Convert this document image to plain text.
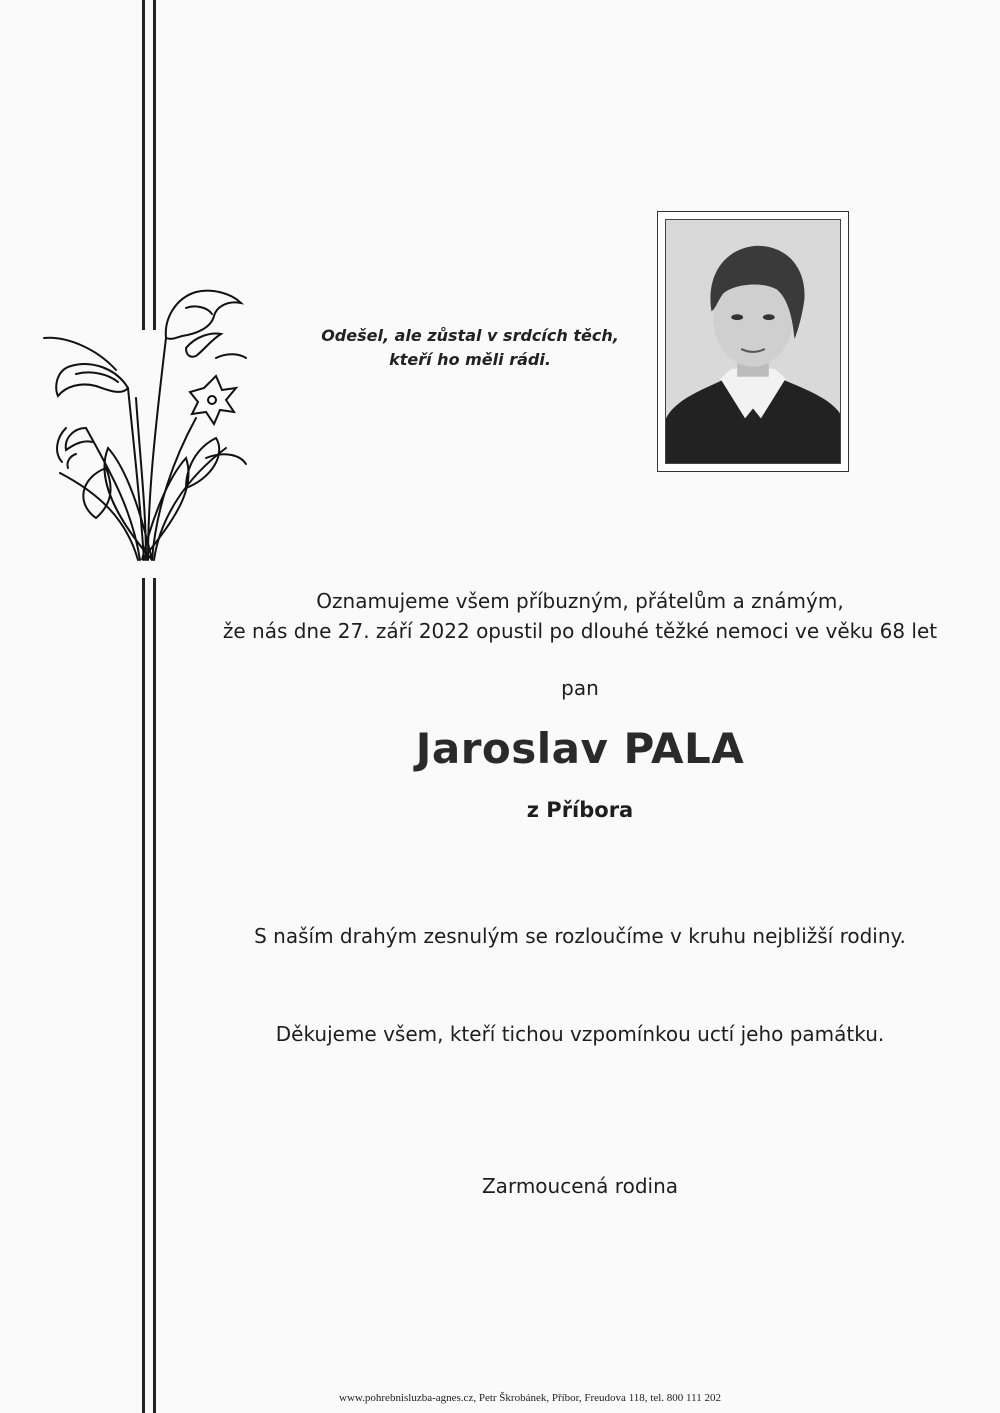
Odešel, ale zůstal v srdcích těch,
kteří ho měli rádi.
Oznamujeme všem příbuzným, přátelům a známým,
že nás dne 27. září 2022 opustil po dlouhé těžké nemoci ve věku 68 let
pan
Jaroslav PALA
z Příbora
S naším drahým zesnulým se rozloučíme v kruhu nejbližší rodiny.
Děkujeme všem, kteří tichou vzpomínkou uctí jeho památku.
Zarmoucená rodina
www.pohrebnisluzba-agnes.cz, Petr Škrobánek, Příbor, Freudova 118, tel. 800 111 202
